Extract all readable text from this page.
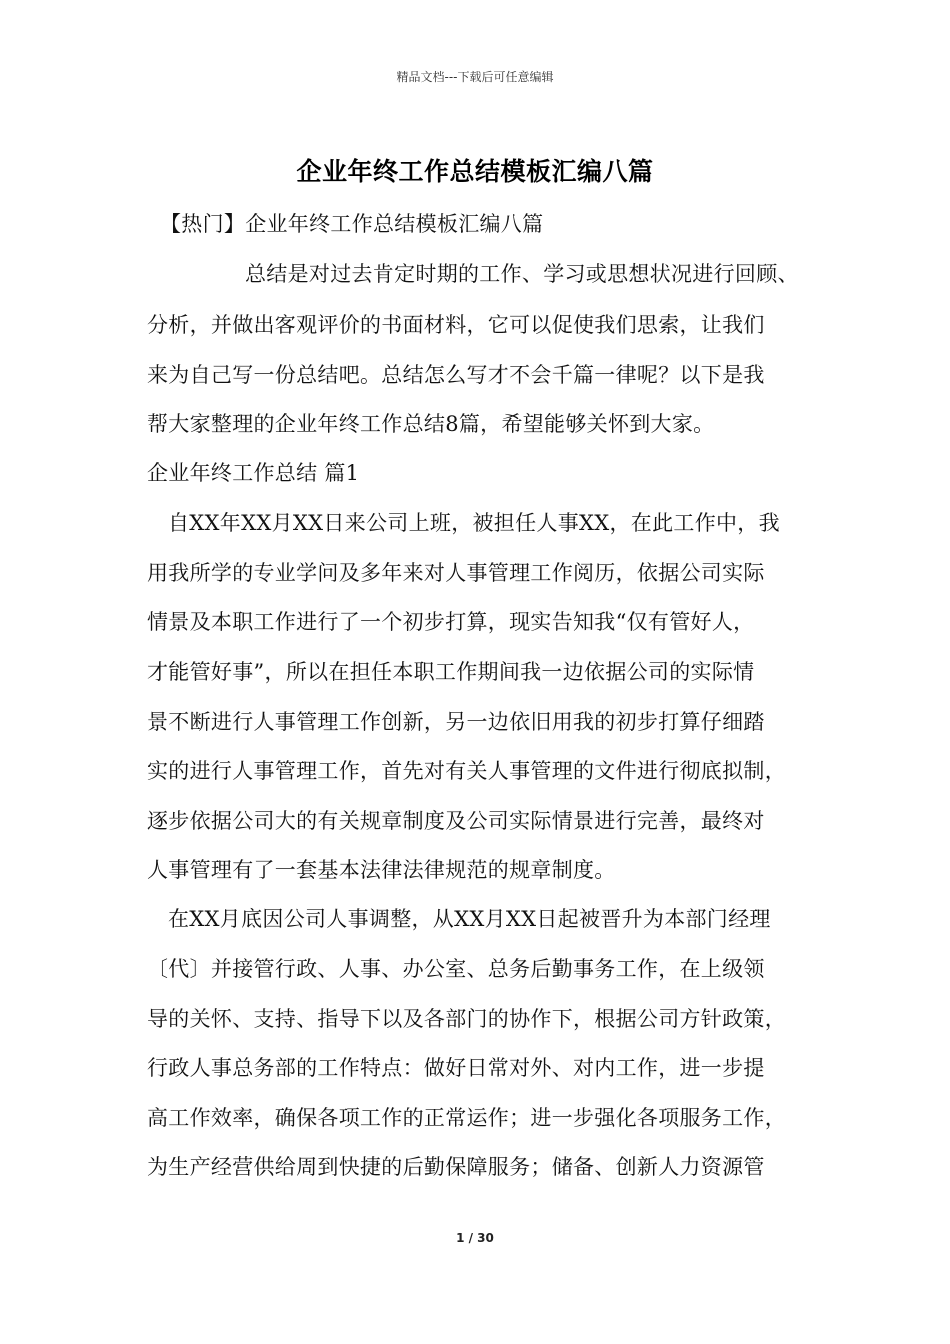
精品文档---下载后可任意编辑
企业年终工作总结模板汇编八篇
【热门】企业年终工作总结模板汇编八篇
总结是对过去肯定时期的工作、学习或思想状况进行回顾、
分析，并做出客观评价的书面材料，它可以促使我们思索，让我们
来为自己写一份总结吧。总结怎么写才不会千篇一律呢？以下是我
帮大家整理的企业年终工作总结8篇，希望能够关怀到大家。
企业年终工作总结 篇1
自XX年XX月XX日来公司上班，被担任人事XX，在此工作中，我
用我所学的专业学问及多年来对人事管理工作阅历，依据公司实际
情景及本职工作进行了一个初步打算，现实告知我“仅有管好人，
才能管好事”，所以在担任本职工作期间我一边依据公司的实际情
景不断进行人事管理工作创新，另一边依旧用我的初步打算仔细踏
实的进行人事管理工作，首先对有关人事管理的文件进行彻底拟制，
逐步依据公司大的有关规章制度及公司实际情景进行完善，最终对
人事管理有了一套基本法律法律规范的规章制度。
在XX月底因公司人事调整，从XX月XX日起被晋升为本部门经理
〔代〕并接管行政、人事、办公室、总务后勤事务工作，在上级领
导的关怀、支持、指导下以及各部门的协作下，根据公司方针政策，
行政人事总务部的工作特点：做好日常对外、对内工作，进一步提
高工作效率，确保各项工作的正常运作；进一步强化各项服务工作，
为生产经营供给周到快捷的后勤保障服务；储备、创新人力资源管
1 / 30
